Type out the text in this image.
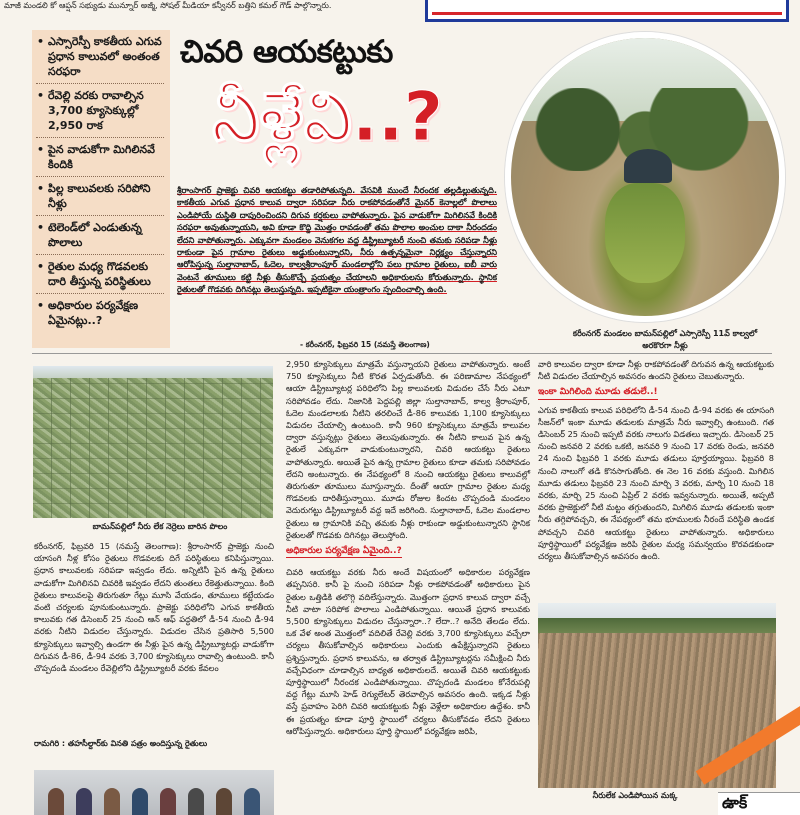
మాజీ మండలి కో ఆప్షన్ సభ్యుడు మున్నూర్ అజ్మీ, సోషల్ మీడియా కన్వీనర్ బత్తిని కమల్ గౌడ్ పాల్గొన్నారు.
• ఎస్సారెస్పీ కాకతీయ ఎగువ ప్రధాన కాలువలో అంతంత సరఫరా
• రేవెల్లి వరకు రావాల్సిన 3,700 క్యూసెక్కుల్లో 2,950 రాక
• పైన వాడుకోగా మిగిలినవే కిందికి
• పిల్ల కాలువలకు సరిపోని నీళ్లు
• టెలెండ్‌లో ఎండుతున్న పొలాలు
• రైతుల మధ్య గొడవలకు దారి తీస్తున్న పరిస్థితులు
• అధికారుల పర్యవేక్షణ ఏమైనట్లు..?
చివరి ఆయకట్టుకు
నీళ్లేవి..?
కరీంనగర్ మండలం బామన్‌పల్లిలో ఎస్సారెస్పీ 11వ్ కాల్వలో అరకొరగా నీళ్లు
శ్రీరాంసాగర్ ప్రాజెక్టు చివరి ఆయకట్టు తడారిపోతున్నది. వేసవికి ముందే నీరందక తల్లడిల్లుతున్నది. కాకతీయ ఎగువ ప్రధాన కాలువ ద్వారా సరిపడా నీరు రాకపోవడంతోనే మైనర్ కెనాల్లలో పొలాలు ఎండిపోయే దుస్థితి దాపురించిందని దిగువ కర్షకులు వాపోతున్నారు. పైన వాడుకోగా మిగిలినవే కిందికి సరఫరా అవుతున్నాయని, అవి కూడా కొద్ది మొత్తం రావడంతో తమ పొలాల అంచుల దాకా నీరందడం లేదని వాపోతున్నారు. ఎక్కువగా మండలం వెనుకగల వద్ద డిస్ట్రిబ్యూటరీ నుంచి తమకు సరిపడా నీళ్లు రాకుండా పైన గ్రామాల రైతులు అడ్డుకుంటున్నారని, నీరు ఉత్పన్నమైనా నిర్లక్ష్యం చేస్తున్నారని ఆరోపిస్తున్న సుల్తానాబాద్, ఓదెల, కాల్వశ్రీరాంపూర్ మండలాల్లోని పలు గ్రామాల రైతులు, ఐబీ వారు వెంటనే తూములు కట్టి నీళ్లు తీసుకొచ్చే ప్రయత్నం చేయాలని అధికారులను కోరుతున్నారు. స్థానిక రైతులతో గొడవకు దిగినట్లు తెలుస్తున్నది. ఇప్పటికైనా యంత్రాంగం స్పందించాల్సి ఉంది.
- కరీంనగర్, ఫిబ్రవరి 15 (నమస్తే తెలంగాణ)
బామన్‌పల్లిలో నీరు లేక నెర్రెలు బారిన పొలం
కరీంనగర్, ఫిబ్రవరి 15 (నమస్తే తెలంగాణ): శ్రీరాంసాగర్ ప్రాజెక్టు నుంచి యాసంగి నీళ్ల కోసం రైతులు గొడవలకు దిగే పరిస్థితులు కనిపిస్తున్నాయి. ప్రధాన కాలువలకు సరిపడా ఇవ్వడం లేదు. అన్నిటినీ పైన ఉన్న రైతులు వాడుకోగా మిగిలినవి చివరికి ఇవ్వడం లేదని తుంతలు రేకెత్తుతున్నాయి. కింది రైతులు కాలువలపై తిరుగుతూ గేట్లు మూసి వేయడం, తూములు కట్టేయడం వంటి చర్యలకు పూనుకుంటున్నారు. ప్రాజెక్టు పరిధిలోని ఎగువ కాకతీయ కాలువకు గత డిసెంబర్ 25 నుంచి ఆన్ ఆఫ్ పద్ధతిలో డీ-54 నుంచి డీ-94 వరకు నీటిని విడుదల చేస్తున్నారు. విడుదల చేసిన ప్రతిసారి 5,500 క్యూసెక్కులు ఇవ్వాల్సి ఉండగా ఈ నీళ్లు పైన ఉన్న డిస్ట్రిబ్యూటర్లు వాడుకోగా దిగువన డీ-86, డీ-94 వరకు 3,700 క్యూసెక్కులు రావాల్సి ఉంటుంది. కానీ చొప్పదండి మండలం రేవెల్లిలోని డిస్ట్రిబ్యూటరీ వరకు కేవలం
రామగిరి : తహసీల్దార్‌కు వినతి పత్రం అందిస్తున్న రైతులు
2,950 క్యూసెక్కులు మాత్రమే వస్తున్నాయని రైతులు వాపోతున్నారు. అంటే 750 క్యూసెక్కులు నీటి కొరత ఏర్పడుతోంది. ఈ పరిణామాల నేపథ్యంలో ఆయా డిస్ట్రిబ్యూటర్ల పరిధిలోని పిల్ల కాలువలకు విడుదల చేసే నీరు ఎటూ సరిపోవడం లేదు. నిజానికి పెద్దపల్లి జిల్లా సుల్తానాబాద్, కాల్వ శ్రీరాంపూర్, ఓదెల మండలాలకు నీటిని తరలించే డీ-86 కాలువకు 1,100 క్యూసెక్కులు విడుదల చేయాల్సి ఉంటుంది. కానీ 960 క్యూసెక్కులు మాత్రమే కాలువల ద్వారా వస్తున్నట్లు రైతులు తెలుపుతున్నారు. ఈ నీటిని కాలువ పైన ఉన్న రైతులే ఎక్కువగా వాడుకుంటున్నారని, చివరి ఆయకట్టు రైతులు వాపోతున్నారు. అయితే పైన ఉన్న గ్రామాల రైతులు కూడా తమకు సరిపోవడం లేదని అంటున్నారు. ఈ నేపథ్యంలో 8 నుంచి ఆయకట్టు రైతులు కాలువల్లో తిరుగుతూ తూములు మూస్తున్నారు. దీంతో ఆయా గ్రామాల రైతుల మధ్య గొడవలకు దారితీస్తున్నాయి. మూడు రోజుల కిందట చొప్పదండి మండలం వెదురుగట్టు డిస్ట్రిబ్యూటరీ వద్ద ఇదే జరిగింది. సుల్తానాబాద్, ఓదెల మండలాల రైతులు ఆ గ్రామానికి వచ్చి తమకు నీళ్లు రాకుండా అడ్డుకుంటున్నారని స్థానిక రైతులతో గొడవకు దిగినట్లు తెలుస్తోంది.
అధికారుల పర్యవేక్షణ ఏమైంది..?
చివరి ఆయకట్టు వరకు నీరు అందే విషయంలో అధికారుల పర్యవేక్షణ తప్పనిసరి. కానీ పై నుంచి సరిపడా నీళ్లు రాకపోవడంతో అధికారులు పైన రైతుల ఒత్తిడికి తలొగ్గి వదిలేస్తున్నారు. మొత్తంగా ప్రధాన కాలువ ద్వారా వచ్చే నీటి వాటా సరిపోక పొలాలు ఎండిపోతున్నాయి. ఆయితే ప్రధాన కాలువకు 5,500 క్యూసెక్కులు విడుదల చేస్తున్నారా..? లేదా..? అనేది తేలడం లేదు. ఒక వేళ అంత మొత్తంలో వదిలితే రేవెల్లి వరకు 3,700 క్యూసెక్కులు వచ్చేలా చర్యలు తీసుకోవాల్సిన అధికారులు ఎందుకు ఉపేక్షిస్తున్నారని రైతులు ప్రశ్నిస్తున్నారు. ప్రధాన కాలువను, ఆ తర్వాత డిస్ట్రిబ్యూటర్లను సమీక్షించి నీరు వచ్చేవిధంగా చూడాల్సిన బాధ్యత అధికారులదే. అయితే చివరి ఆయకట్టుకు పూర్తిస్థాయిలో నీరందక ఎండిపోతున్నాయి. చొప్పదండి మండలం కోనేరుపల్లి వద్ద గేట్లు మూసి హెడ్ రెగ్యులేటర్ తెరవాల్సిన అవసరం ఉంది. ఇక్కడ నీళ్లు వస్తే ప్రవాహం పెరిగి చివరి ఆయకట్టుకు నీళ్లు వెళ్లేలా అధికారుల ఉద్దేశం. కానీ ఈ ప్రయత్నం కూడా పూర్తి స్థాయిలో చర్యలు తీసుకోవడం లేదని రైతులు ఆరోపిస్తున్నారు. అధికారులు పూర్తి స్థాయిలో పర్యవేక్షణ జరిపి,
వారి కాలువల ద్వారా కూడా నీళ్లు రాకపోవడంతో దిగువన ఉన్న ఆయకట్టుకు నీటి విడుదల చేయాల్సిన అవసరం ఉందని రైతులు చెబుతున్నారు.
ఇంకా మిగిలింది మూడు తడులే..!
ఎగువ కాకతీయ కాలువ పరిధిలోని డీ-54 నుంచి డీ-94 వరకు ఈ యాసంగి సీజన్‌లో ఇంకా మూడు తడులకు మాత్రమే నీరు ఇవ్వాల్సి ఉంటుంది. గత డిసెంబర్ 25 నుంచి ఇప్పటి వరకు నాలుగు విడతలు ఇచ్చారు. డిసెంబర్ 25 నుంచి జనవరి 2 వరకు ఒకటి, జనవరి 9 నుంచి 17 వరకు రెండు, జనవరి 24 నుంచి ఫిబ్రవరి 1 వరకు మూడు తడులు పూర్తయ్యాయి. ఫిబ్రవరి 8 నుంచి నాలుగో తడి కొనసాగుతోంది. ఈ నెల 16 వరకు వస్తుంది. మిగిలిన మూడు తడులు ఫిబ్రవరి 23 నుంచి మార్చి 3 వరకు, మార్చి 10 నుంచి 18 వరకు, మార్చి 25 నుంచి ఏప్రిల్ 2 వరకు ఇవ్వనున్నారు. అయితే, అప్పటి వరకు ప్రాజెక్టులో నీటి మట్టం తగ్గుతుందని, మిగిలిన మూడు తడులకు ఇంకా నీరు తగ్గిపోవచ్చని, ఈ నేపథ్యంలో తమ భూములకు నీరందే పరిస్థితి ఉండక పోవచ్చని చివరి ఆయకట్టు రైతులు వాపోతున్నారు. అధికారులు పూర్తిస్థాయిలో పర్యవేక్షణ జరిపి రైతుల మధ్య సమన్వయం కొరవడకుండా చర్యలు తీసుకోవాల్సిన అవసరం ఉంది.
నీరులేక ఎండిపోయిన మక్క	ఉాక్
